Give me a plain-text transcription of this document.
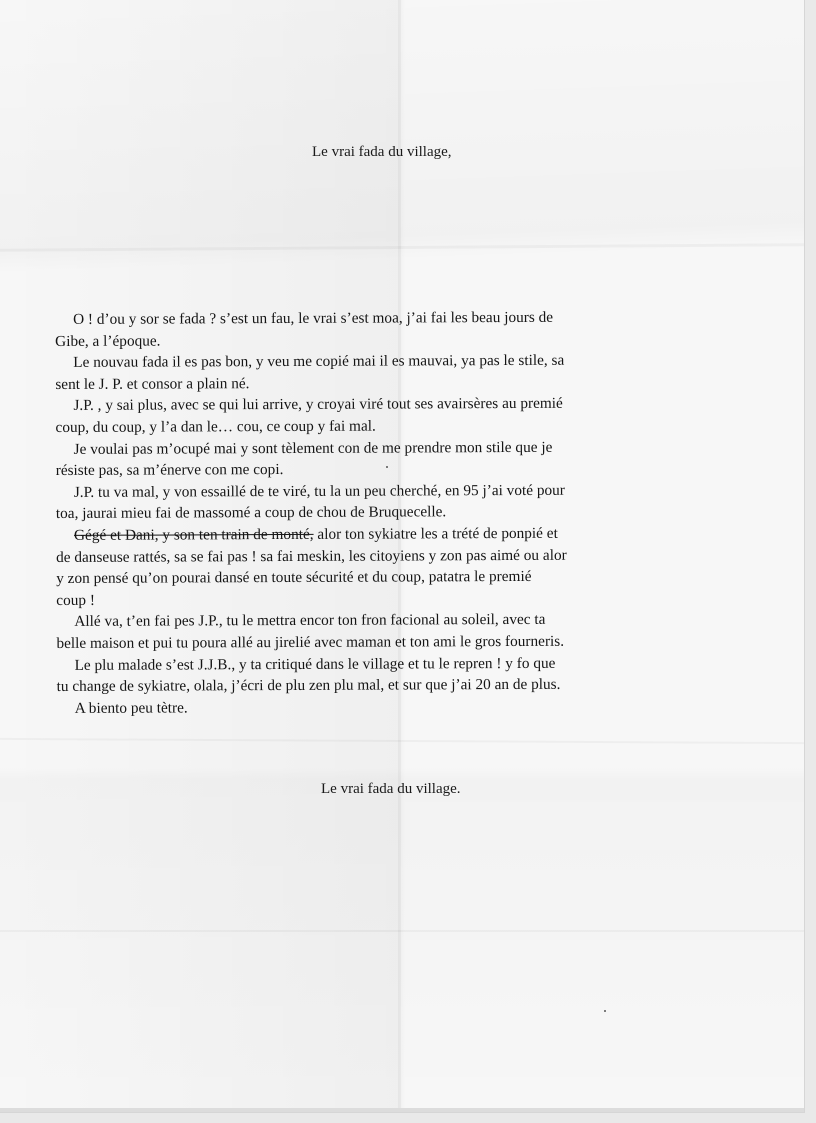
Le vrai fada du village,
O ! d’ou y sor se fada ? s’est un fau, le vrai s’est moa, j’ai fai les beau jours de
Gibe, a l’époque.
Le nouvau fada il es pas bon, y veu me copié mai il es mauvai, ya pas le stile, sa
sent le J. P. et consor a plain né.
J.P. , y sai plus, avec se qui lui arrive, y croyai viré tout ses avairsères au premié
coup, du coup, y l’a dan le… cou, ce coup y fai mal.
Je voulai pas m’ocupé mai y sont tèlement con de me prendre mon stile que je
résiste pas, sa m’énerve con me copi.
J.P. tu va mal, y von essaillé de te viré, tu la un peu cherché, en 95 j’ai voté pour
toa, jaurai mieu fai de massomé a coup de chou de Bruquecelle.
Gégé et Dani, y son ten train de monté, alor ton sykiatre les a trété de ponpié et
de danseuse rattés, sa se fai pas ! sa fai meskin, les citoyiens y zon pas aimé ou alor
y zon pensé qu’on pourai dansé en toute sécurité et du coup, patatra le premié
coup !
Allé va, t’en fai pes J.P., tu le mettra encor ton fron facional au soleil, avec ta
belle maison et pui tu poura allé au jirelié avec maman et ton ami le gros fourneris.
Le plu malade s’est J.J.B., y ta critiqué dans le village et tu le repren ! y fo que
tu change de sykiatre, olala, j’écri de plu zen plu mal, et sur que j’ai 20 an de plus.
A biento peu tètre.
Le vrai fada du village.
